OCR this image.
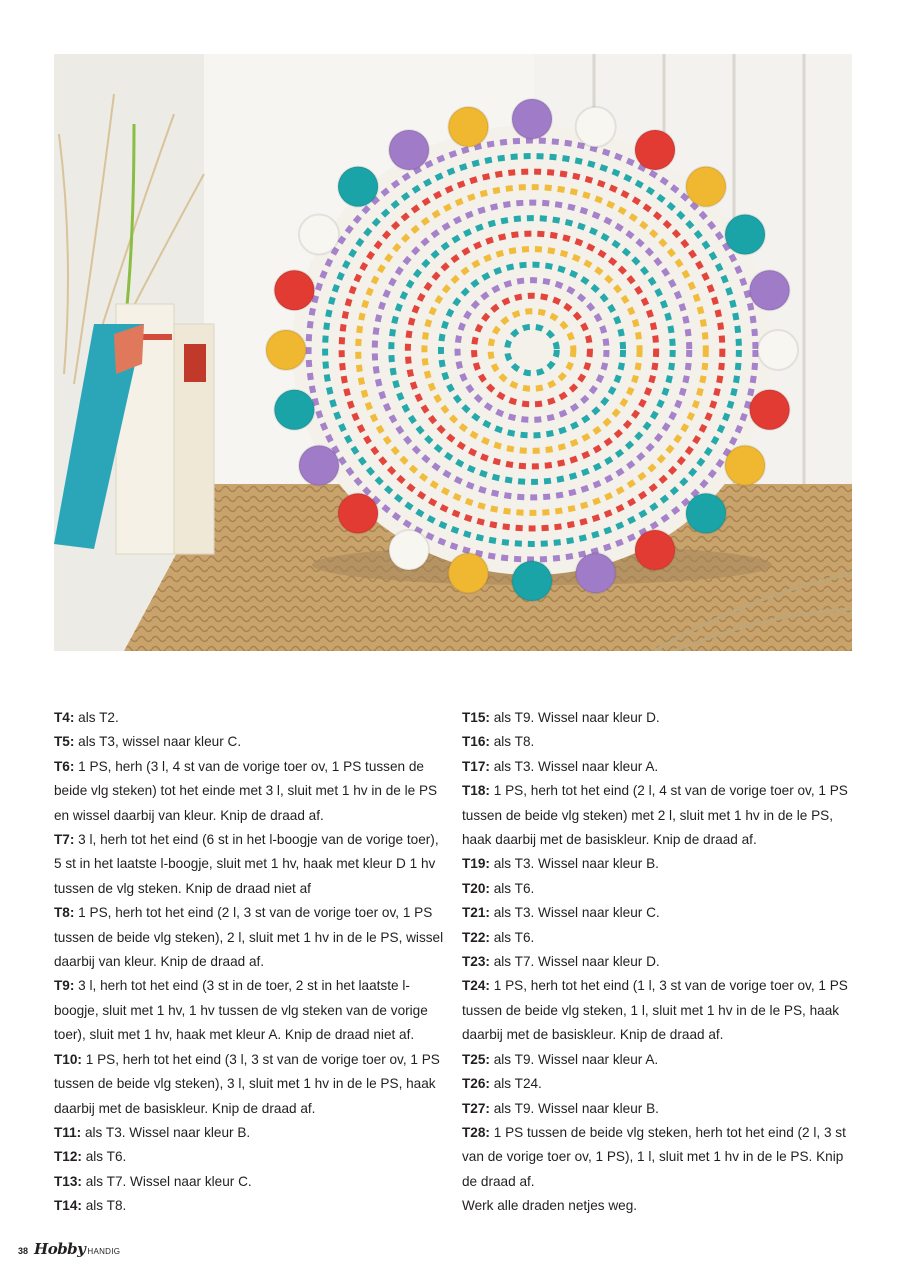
T4: als T2.

T5: als T3, wissel naar kleur C.

T6: 1 PS, herh (3 l, 4 st van de vorige toer ov, 1 PS tussen de beide vlg steken) tot het einde met 3 l, sluit met 1 hv in de le PS en wissel daarbij van kleur. Knip de draad af.

T7: 3 l, herh tot het eind (6 st in het l-boogje van de vorige toer), 5 st in het laatste l-boogje, sluit met 1 hv, haak met kleur D 1 hv tussen de vlg steken. Knip de draad niet af

T8: 1 PS, herh tot het eind (2 l, 3 st van de vorige toer ov, 1 PS tussen de beide vlg steken), 2 l, sluit met 1 hv in de le PS, wissel daarbij van kleur. Knip de draad af.

T9: 3 l, herh tot het eind (3 st in de toer, 2 st in het laatste l-boogje, sluit met 1 hv, 1 hv tussen de vlg steken van de vorige toer), sluit met 1 hv, haak met kleur A. Knip de draad niet af.

T10: 1 PS, herh tot het eind (3 l, 3 st van de vorige toer ov, 1 PS tussen de beide vlg steken), 3 l, sluit met 1 hv in de le PS, haak daarbij met de basiskleur. Knip de draad af.

T11: als T3. Wissel naar kleur B.

T12: als T6.

T13: als T7. Wissel naar kleur C.

T14: als T8.

T15: als T9. Wissel naar kleur D.

T16: als T8.

T17: als T3. Wissel naar kleur A.

T18: 1 PS, herh tot het eind (2 l, 4 st van de vorige toer ov, 1 PS tussen de beide vlg steken) met 2 l, sluit met 1 hv in de le PS, haak daarbij met de basiskleur. Knip de draad af.

T19: als T3. Wissel naar kleur B.

T20: als T6.

T21: als T3. Wissel naar kleur C.

T22: als T6.

T23: als T7. Wissel naar kleur D.

T24: 1 PS, herh tot het eind (1 l, 3 st van de vorige toer ov, 1 PS tussen de beide vlg steken, 1 l, sluit met 1 hv in de le PS, haak daarbij met de basiskleur. Knip de draad af.

T25: als T9. Wissel naar kleur A.

T26: als T24.

T27: als T9. Wissel naar kleur B.

T28: 1 PS tussen de beide vlg steken, herh tot het eind (2 l, 3 st van de vorige toer ov, 1 PS), 1 l, sluit met 1 hv in de le PS. Knip de draad af.

Werk alle draden netjes weg.

38 Hobby HANDIG
